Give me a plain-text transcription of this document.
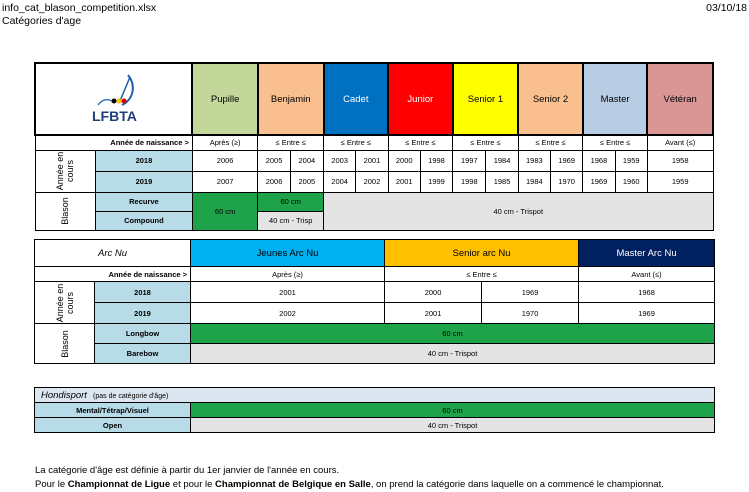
info_cat_blason_competition.xlsx
Catégories d'age
03/10/18
LFBTA		Pupille	Benjamin		Cadet		Junior		Senior 1		Senior 2		Master		Vétéran
Année de naissance >		Après (≥)	≤ Entre ≤		≤ Entre ≤		≤ Entre ≤		≤ Entre ≤		≤ Entre ≤		≤ Entre ≤		Avant (≤)
Année en cours	2018	2006	2005	2004	2003	2001	2000	1998	1997	1984	1983	1969	1968	1959	1958
	2019	2007	2006	2005	2004	2002	2001	1999	1998	1985	1984	1970	1969	1960	1959
Blason	Recurve	60 cm	60 cm		40 cm - Trispot										
	Compound		40 cm - Trisp												
Arc Nu		Jeunes Arc Nu	Senior arc Nu		Master Arc Nu
Année de naissance >		Après (≥)	≤ Entre ≤		Avant (≤)
Année en cours	2018	2001	2000	1969	1968
	2019	2002	2001	1970	1969
Blason	Longbow	60 cm			
	Barebow	40 cm - Trispot			
Hondisport (pas de catégorie d'âge)	
Mental/Tétrap/Visuel	60 cm
Open	40 cm - Trispot
La catégorie d'âge est définie à partir du 1er janvier de l'année en cours.
Pour le Championnat de Ligue et pour le Championnat de Belgique en Salle, on prend la catégorie dans laquelle on a commencé le championnat.
